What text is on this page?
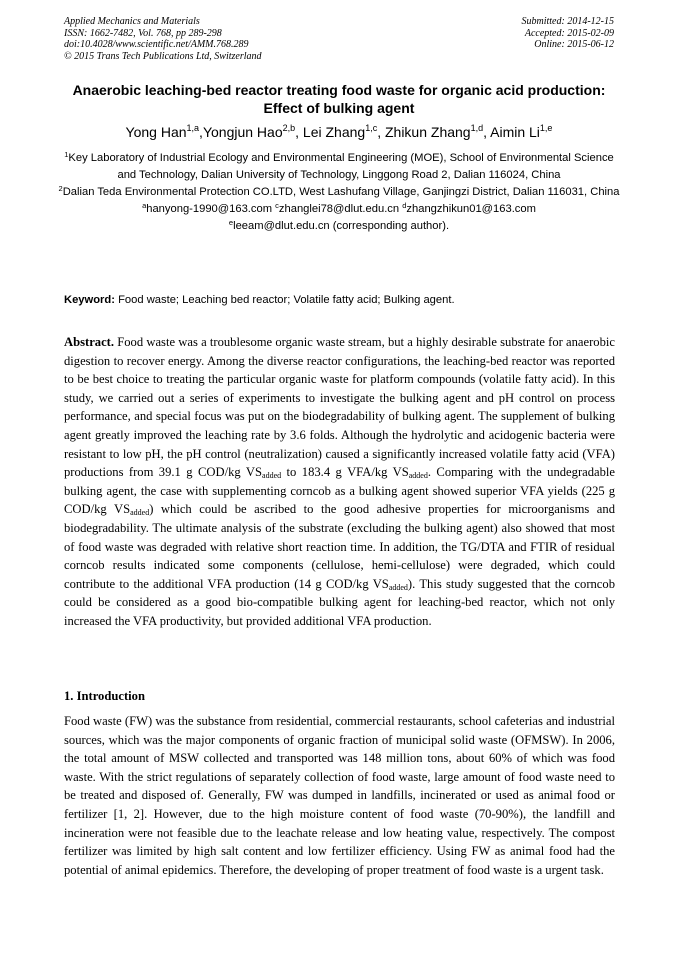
Applied Mechanics and Materials
ISSN: 1662-7482, Vol. 768, pp 289-298
doi:10.4028/www.scientific.net/AMM.768.289
© 2015 Trans Tech Publications Ltd, Switzerland
Submitted: 2014-12-15
Accepted: 2015-02-09
Online: 2015-06-12
Anaerobic leaching-bed reactor treating food waste for organic acid production: Effect of bulking agent
Yong Han$^{1,a}$,Yongjun Hao$^{2,b}$, Lei Zhang$^{1,c}$, Zhikun Zhang$^{1,d}$, Aimin Li$^{1,e}$

$^1$Key Laboratory of Industrial Ecology and Environmental Engineering (MOE), School of Environmental Science and Technology, Dalian University of Technology, Linggong Road 2, Dalian 116024, China

$^2$Dalian Teda Environmental Protection CO.LTD, West Lashufang Village, Ganjingzi District, Dalian 116031, China

$^a$hanyong-1990@163.com $^c$zhanglei78@dlut.edu.cn $^d$zhangzhikun01@163.com

$^e$leeam@dlut.edu.cn (corresponding author).

Keyword: Food waste; Leaching bed reactor; Volatile fatty acid; Bulking agent.
Abstract. Food waste was a troublesome organic waste stream, but a highly desirable substrate for anaerobic digestion to recover energy. Among the diverse reactor configurations, the leaching-bed reactor was reported to be best choice to treating the particular organic waste for platform compounds (volatile fatty acid). In this study, we carried out a series of experiments to investigate the bulking agent and pH control on process performance, and special focus was put on the biodegradability of bulking agent. The supplement of bulking agent greatly improved the leaching rate by 3.6 folds. Although the hydrolytic and acidogenic bacteria were resistant to low pH, the pH control (neutralization) caused a significantly increased volatile fatty acid (VFA) productions from 39.1 g COD/kg $VS_{added}$ to 183.4 g VFA/kg $VS_{added}$. Comparing with the undegradable bulking agent, the case with supplementing corncob as a bulking agent showed superior VFA yields (225 g COD/kg $VS_{added}$) which could be ascribed to the good adhesive properties for microorganisms and biodegradability. The ultimate analysis of the substrate (excluding the bulking agent) also showed that most of food waste was degraded with relative short reaction time. In addition, the TG/DTA and FTIR of residual corncob results indicated some components (cellulose, hemi-cellulose) were degraded, which could contribute to the additional VFA production (14 g COD/kg $VS_{added}$). This study suggested that the corncob could be considered as a good bio-compatible bulking agent for leaching-bed reactor, which not only increased the VFA productivity, but provided additional VFA production.
1. Introduction
Food waste (FW) was the substance from residential, commercial restaurants, school cafeterias and industrial sources, which was the major components of organic fraction of municipal solid waste (OFMSW). In 2006, the total amount of MSW collected and transported was 148 million tons, about 60% of which was food waste. With the strict regulations of separately collection of food waste, large amount of food waste need to be treated and disposed of. Generally, FW was dumped in landfills, incinerated or used as animal food or fertilizer [1, 2]. However, due to the high moisture content of food waste (70-90%), the landfill and incineration were not feasible due to the leachate release and low heating value, respectively. The compost fertilizer was limited by high salt content and low fertilizer efficiency. Using FW as animal food had the potential of animal epidemics. Therefore, the developing of proper treatment of food waste is a urgent task.
